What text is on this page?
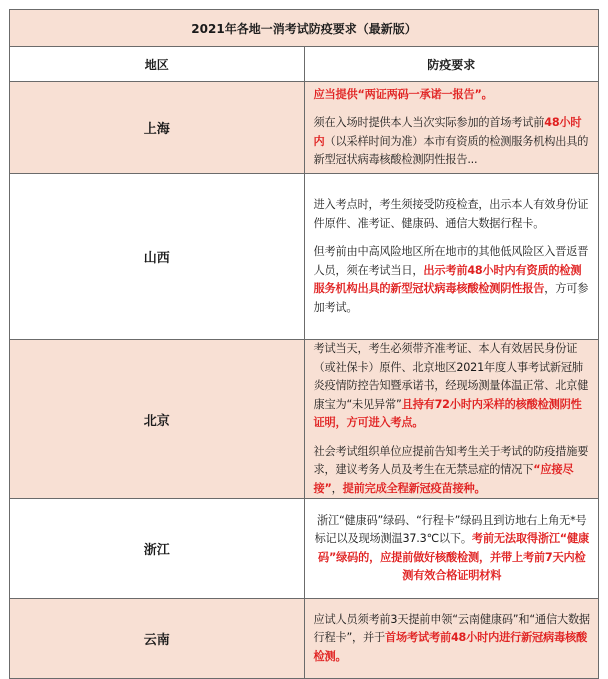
2021年各地一消考试防疫要求（最新版）	
地区	防疫要求
上海	应当提供“两证两码一承诺一报告”。

须在入场时提供本人当次实际参加的首场考试前48小时内（以采样时间为准）本市有资质的检测服务机构出具的新型冠状病毒核酸检测阴性报告...

山西	进入考点时，考生须接受防疫检查，出示本人有效身份证件原件、准考证、健康码、通信大数据行程卡。

但考前由中高风险地区所在地市的其他低风险区入晋返晋人员，须在考试当日，出示考前48小时内有资质的检测服务机构出具的新型冠状病毒核酸检测阴性报告，方可参加考试。

北京	考试当天，考生必须带齐准考证、本人有效居民身份证（或社保卡）原件、北京地区2021年度人事考试新冠肺炎疫情防控告知暨承诺书，经现场测量体温正常、北京健康宝为“未见异常”且持有72小时内采样的核酸检测阴性证明，方可进入考点。

社会考试组织单位应提前告知考生关于考试的防疫措施要求，建议考务人员及考生在无禁忌症的情况下“应接尽接”，提前完成全程新冠疫苗接种。

浙江	浙江“健康码”绿码、“行程卡”绿码且到访地右上角无*号标记以及现场测温37.3℃以下。考前无法取得浙江“健康码”绿码的，应提前做好核酸检测，并带上考前7天内检测有效合格证明材料

云南	应试人员须考前3天提前申领“云南健康码”和“通信大数据行程卡”，并于首场考试考前48小时内进行新冠病毒核酸检测。
